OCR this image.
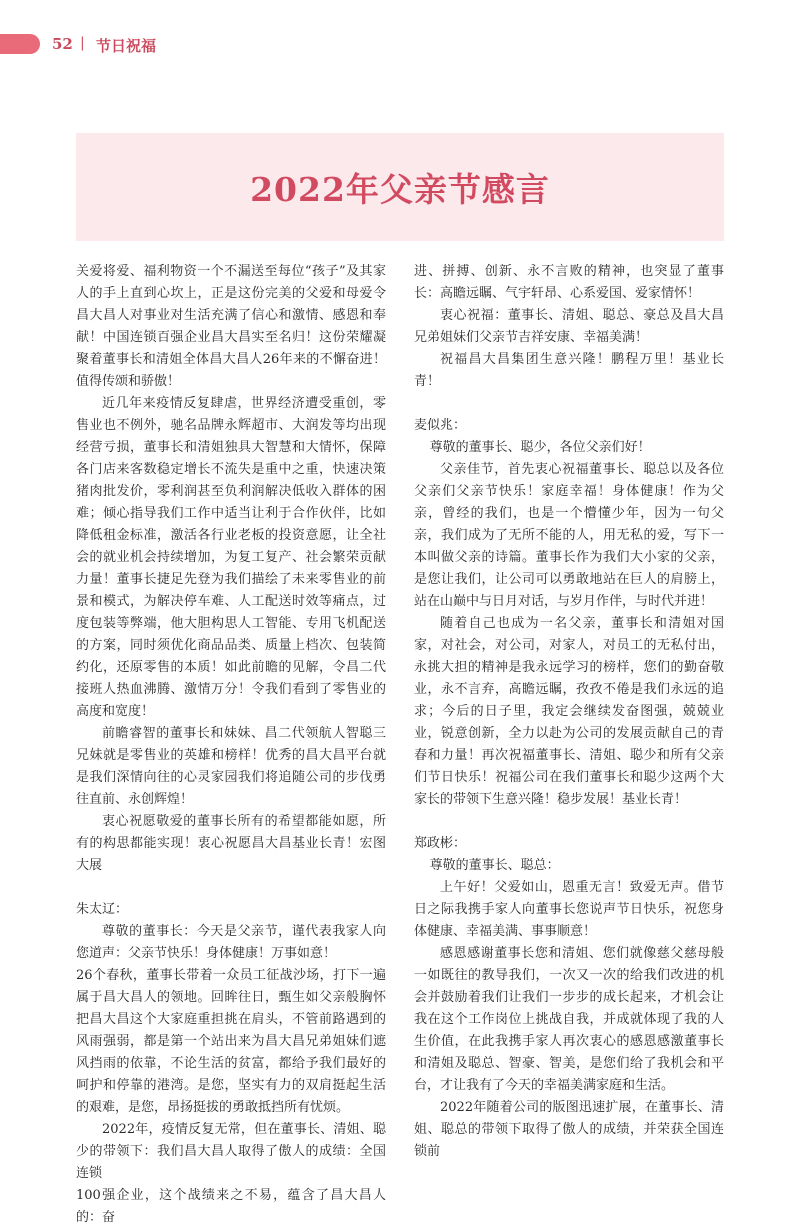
52 | 节日祝福
2022年父亲节感言

关爱将爱、福利物资一个不漏送至每位“孩子”及其家人的手上直到心坎上，正是这份完美的父爱和母爱令昌大昌人对事业对生活充满了信心和激情、感恩和奉献！中国连锁百强企业昌大昌实至名归！这份荣耀凝聚着董事长和清姐全体昌大昌人26年来的不懈奋进！值得传颂和骄傲！

近几年来疫情反复肆虐，世界经济遭受重创，零售业也不例外，驰名品牌永辉超市、大润发等均出现经营亏损，董事长和清姐独具大智慧和大情怀，保障各门店来客数稳定增长不流失是重中之重，快速决策猪肉批发价，零利润甚至负利润解决低收入群体的困难；倾心指导我们工作中适当让利于合作伙伴，比如降低租金标准，激活各行业老板的投资意愿，让全社会的就业机会持续增加，为复工复产、社会繁荣贡献力量！董事长捷足先登为我们描绘了未来零售业的前景和模式，为解决停车难、人工配送时效等痛点，过度包装等弊端，他大胆构思人工智能、专用飞机配送的方案，同时须优化商品品类、质量上档次、包装简约化，还原零售的本质！如此前瞻的见解，令昌二代接班人热血沸腾、激情万分！令我们看到了零售业的高度和宽度！

前瞻睿智的董事长和妹妹、昌二代领航人智聪三兄妹就是零售业的英雄和榜样！优秀的昌大昌平台就是我们深情向往的心灵家园我们将追随公司的步伐勇往直前、永创辉煌！

衷心祝愿敬爱的董事长所有的希望都能如愿，所有的构思都能实现！衷心祝愿昌大昌基业长青！宏图大展

朱太辽：

尊敬的董事长：今天是父亲节，谨代表我家人向您道声：父亲节快乐！身体健康！万事如意！

26个春秋，董事长带着一众员工征战沙场，打下一遍属于昌大昌人的领地。回眸往日，甄生如父亲般胸怀把昌大昌这个大家庭重担挑在肩头，不管前路遇到的风雨强弱，都是第一个站出来为昌大昌兄弟姐妹们遮风挡雨的依靠，不论生活的贫富，都给予我们最好的呵护和停靠的港湾。是您，坚实有力的双肩挺起生活的艰难，是您，昂扬挺拔的勇敢抵挡所有忧烦。

2022年，疫情反复无常，但在董事长、清姐、聪少的带领下：我们昌大昌人取得了傲人的成绩：全国连锁

100强企业，这个战绩来之不易，蕴含了昌大昌人的：奋

进、拼搏、创新、永不言败的精神，也突显了董事长：高瞻远瞩、气宇轩昂、心系爱国、爱家情怀！

衷心祝福：董事长、清姐、聪总、豪总及昌大昌兄弟姐妹们父亲节吉祥安康、幸福美满！

祝福昌大昌集团生意兴隆！鹏程万里！基业长青！

麦似兆：

尊敬的董事长、聪少，各位父亲们好！

父亲佳节，首先衷心祝福董事长、聪总以及各位父亲们父亲节快乐！家庭幸福！身体健康！作为父亲，曾经的我们，也是一个懵懂少年，因为一句父亲，我们成为了无所不能的人，用无私的爱，写下一本叫做父亲的诗篇。董事长作为我们大小家的父亲，是您让我们，让公司可以勇敢地站在巨人的肩膀上，站在山巅中与日月对话，与岁月作伴，与时代并进！

随着自己也成为一名父亲，董事长和清姐对国家，对社会，对公司，对家人，对员工的无私付出，永挑大担的精神是我永远学习的榜样，您们的勤奋敬业，永不言弃，高瞻远瞩，孜孜不倦是我们永远的追求；今后的日子里，我定会继续发奋图强，兢兢业业，锐意创新，全力以赴为公司的发展贡献自己的青春和力量！再次祝福董事长、清姐、聪少和所有父亲们节日快乐！祝福公司在我们董事长和聪少这两个大家长的带领下生意兴隆！稳步发展！基业长青！

郑政彬：

尊敬的董事长、聪总：

上午好！父爱如山，恩重无言！致爱无声。借节日之际我携手家人向董事长您说声节日快乐，祝您身体健康、幸福美满、事事顺意！

感恩感谢董事长您和清姐、您们就像慈父慈母般一如既往的教导我们，一次又一次的给我们改进的机会并鼓励着我们让我们一步步的成长起来，才机会让我在这个工作岗位上挑战自我，并成就体现了我的人生价值，在此我携手家人再次衷心的感恩感激董事长和清姐及聪总、智豪、智美，是您们给了我机会和平台，才让我有了今天的幸福美满家庭和生活。

2022年随着公司的版图迅速扩展，在董事长、清姐、聪总的带领下取得了傲人的成绩，并荣获全国连锁前
